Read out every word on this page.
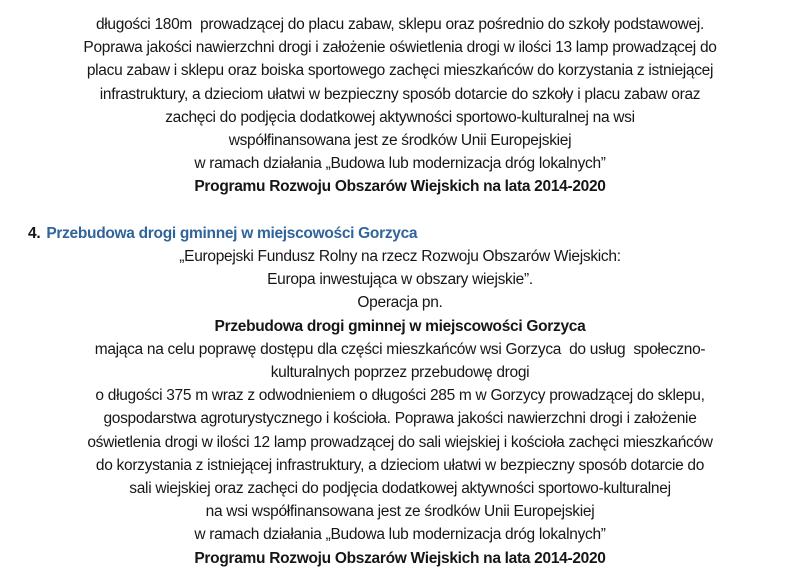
długości 180m  prowadzącej do placu zabaw, sklepu oraz pośrednio do szkoły podstawowej.

Poprawa jakości nawierzchni drogi i założenie oświetlenia drogi w ilości 13 lamp prowadzącej do

placu zabaw i sklepu oraz boiska sportowego zachęci mieszkańców do korzystania z istniejącej

infrastruktury, a dzieciom ułatwi w bezpieczny sposób dotarcie do szkoły i placu zabaw oraz

zachęci do podjęcia dodatkowej aktywności sportowo-kulturalnej na wsi

współfinansowana jest ze środków Unii Europejskiej

w ramach działania „Budowa lub modernizacja dróg lokalnych”

Programu Rozwoju Obszarów Wiejskich na lata 2014-2020

4. Przebudowa drogi gminnej w miejscowości Gorzyca

„Europejski Fundusz Rolny na rzecz Rozwoju Obszarów Wiejskich:

Europa inwestująca w obszary wiejskie”.

Operacja pn.

Przebudowa drogi gminnej w miejscowości Gorzyca

mająca na celu poprawę dostępu dla części mieszkańców wsi Gorzyca  do usług  społeczno-

kulturalnych poprzez przebudowę drogi

o długości 375 m wraz z odwodnieniem o długości 285 m w Gorzycy prowadzącej do sklepu,

gospodarstwa agroturystycznego i kościoła. Poprawa jakości nawierzchni drogi i założenie

oświetlenia drogi w ilości 12 lamp prowadzącej do sali wiejskiej i kościoła zachęci mieszkańców

do korzystania z istniejącej infrastruktury, a dzieciom ułatwi w bezpieczny sposób dotarcie do

sali wiejskiej oraz zachęci do podjęcia dodatkowej aktywności sportowo-kulturalnej

na wsi współfinansowana jest ze środków Unii Europejskiej

w ramach działania „Budowa lub modernizacja dróg lokalnych”

Programu Rozwoju Obszarów Wiejskich na lata 2014-2020
